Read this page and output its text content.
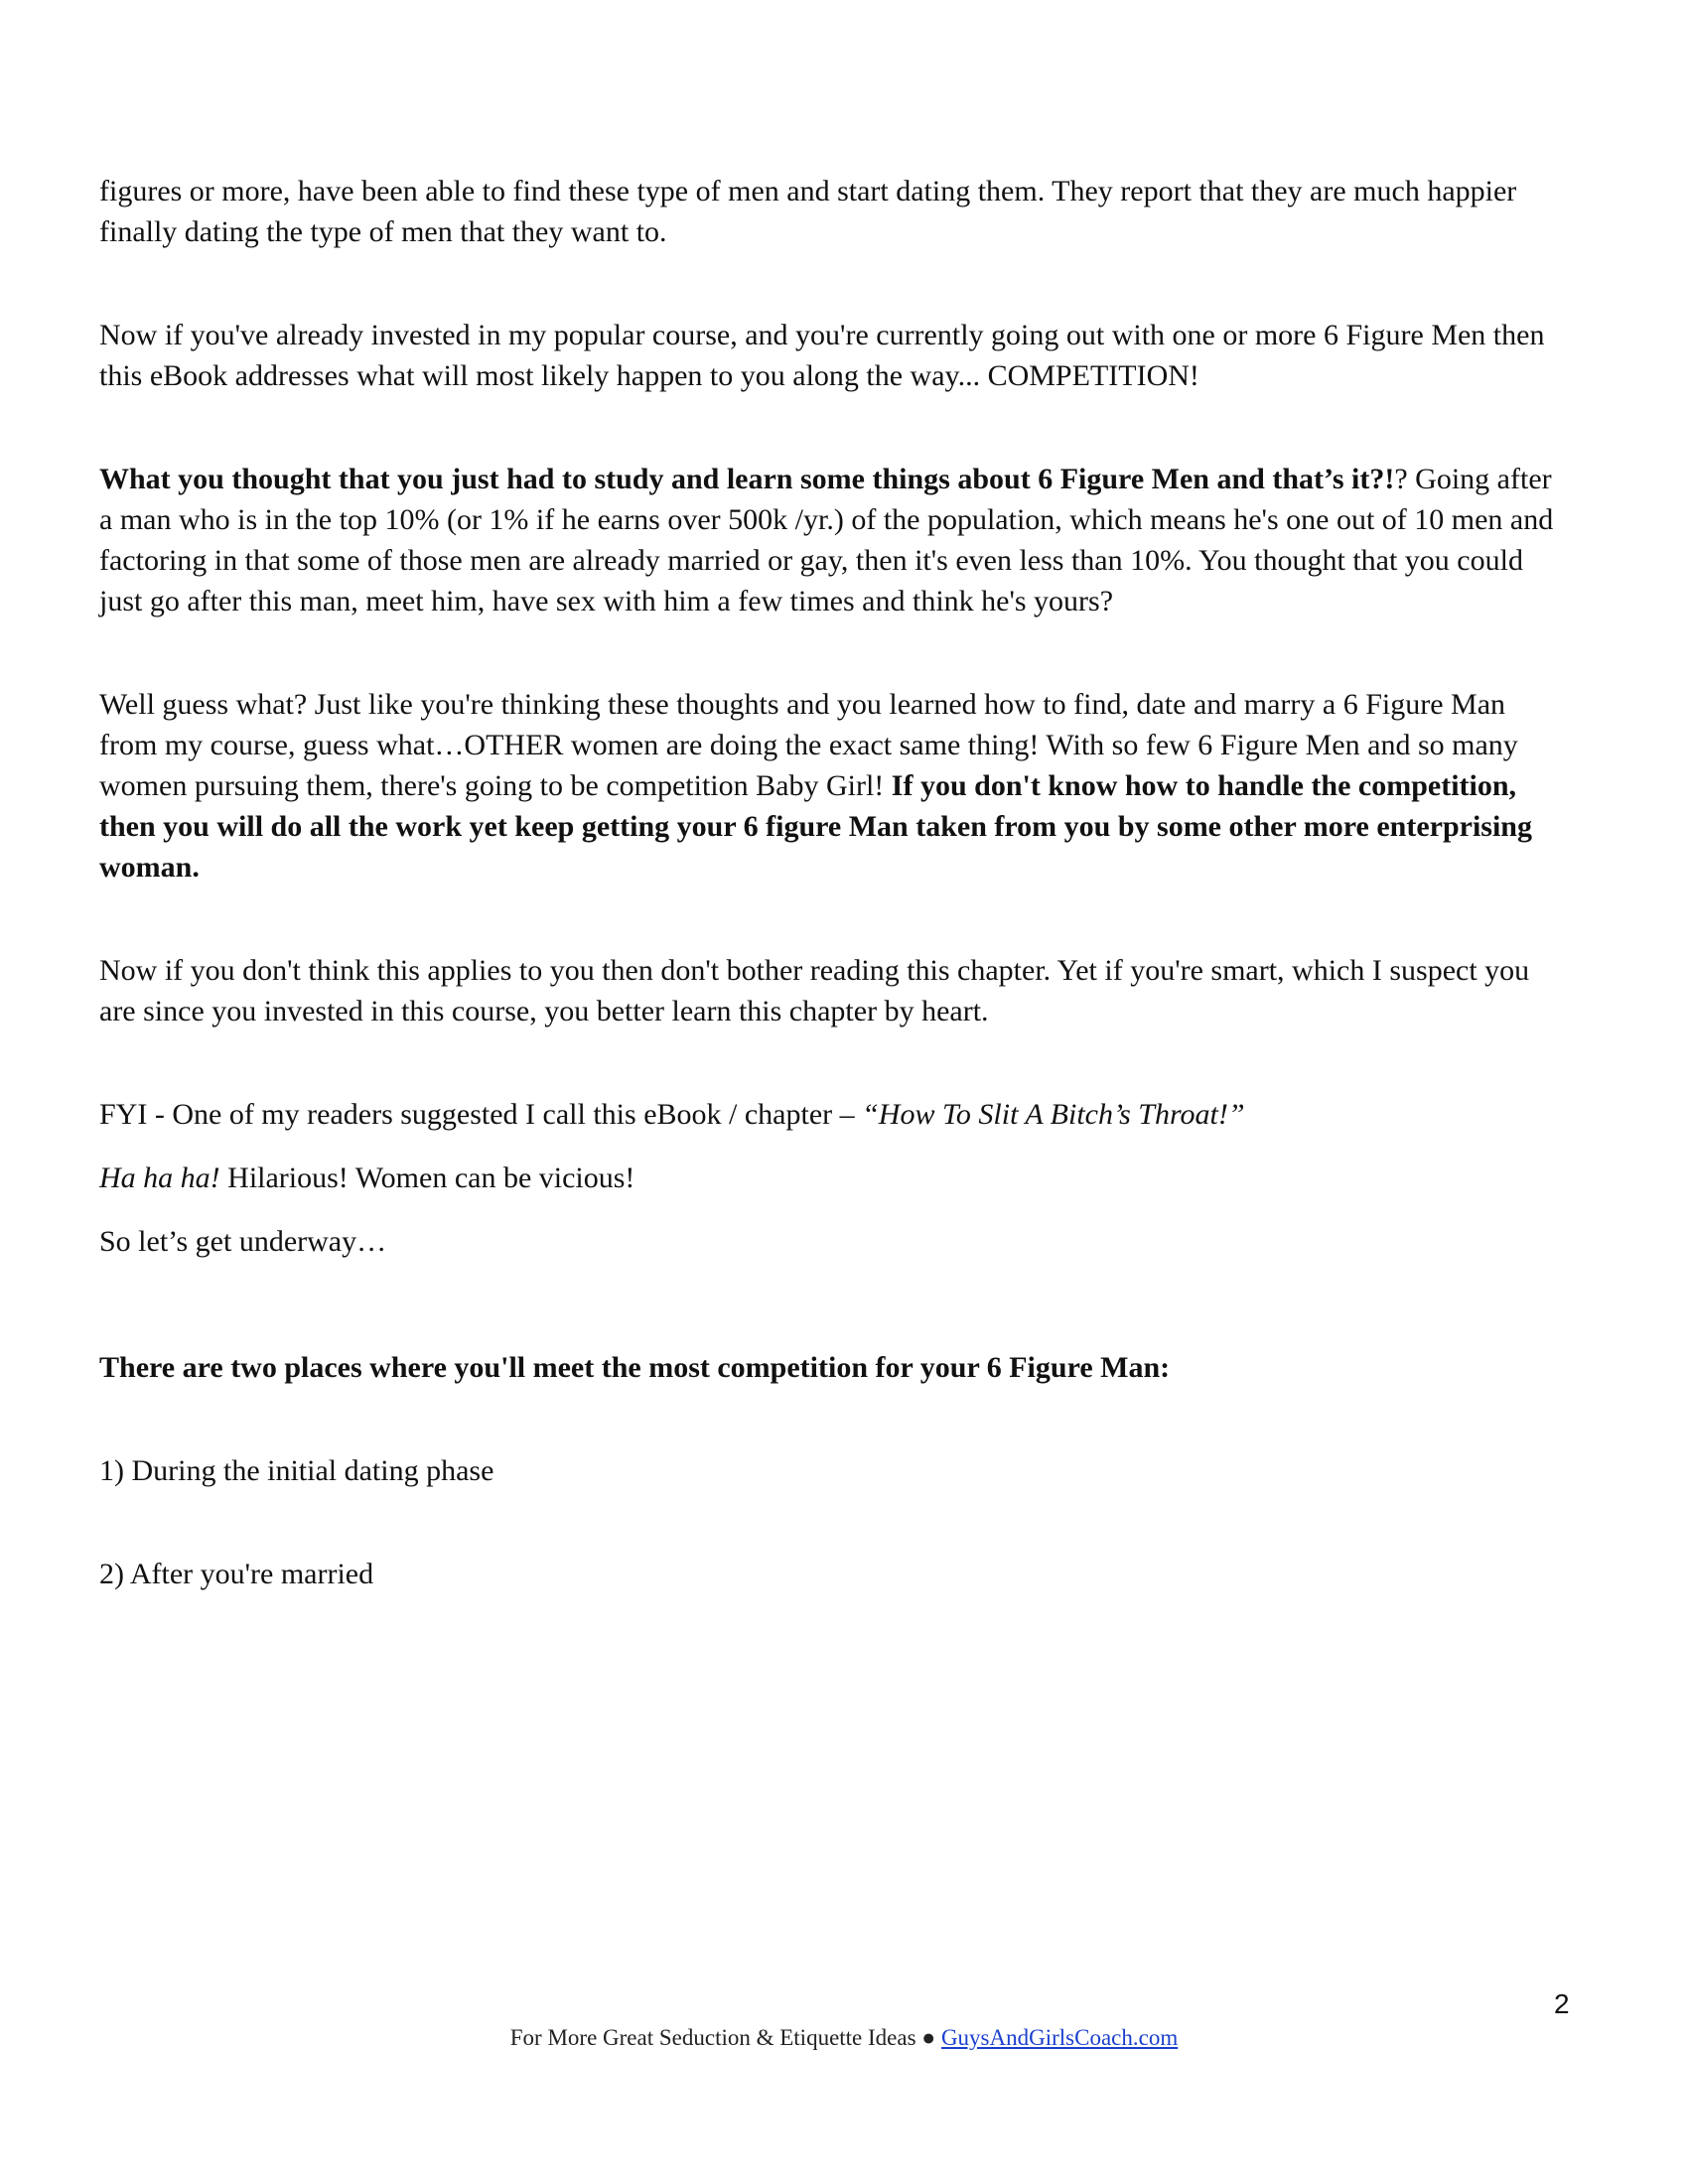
figures or more, have been able to find these type of men and start dating them. They report that they are much happier finally dating the type of men that they want to.

Now if you've already invested in my popular course, and you're currently going out with one or more 6 Figure Men then this eBook addresses what will most likely happen to you along the way... COMPETITION!

What you thought that you just had to study and learn some things about 6 Figure Men and that’s it?!? Going after a man who is in the top 10% (or 1% if he earns over 500k /yr.) of the population, which means he's one out of 10 men and factoring in that some of those men are already married or gay, then it's even less than 10%. You thought that you could just go after this man, meet him, have sex with him a few times and think he's yours?

Well guess what? Just like you're thinking these thoughts and you learned how to find, date and marry a 6 Figure Man from my course, guess what…OTHER women are doing the exact same thing! With so few 6 Figure Men and so many women pursuing them, there's going to be competition Baby Girl! If you don't know how to handle the competition, then you will do all the work yet keep getting your 6 figure Man taken from you by some other more enterprising woman.

Now if you don't think this applies to you then don't bother reading this chapter. Yet if you're smart, which I suspect you are since you invested in this course, you better learn this chapter by heart.

FYI - One of my readers suggested I call this eBook / chapter – “How To Slit A Bitch’s Throat!”

Ha ha ha! Hilarious! Women can be vicious!

So let’s get underway…

There are two places where you'll meet the most competition for your 6 Figure Man:

1) During the initial dating phase

2) After you're married

2
For More Great Seduction & Etiquette Ideas ● GuysAndGirlsCoach.com
